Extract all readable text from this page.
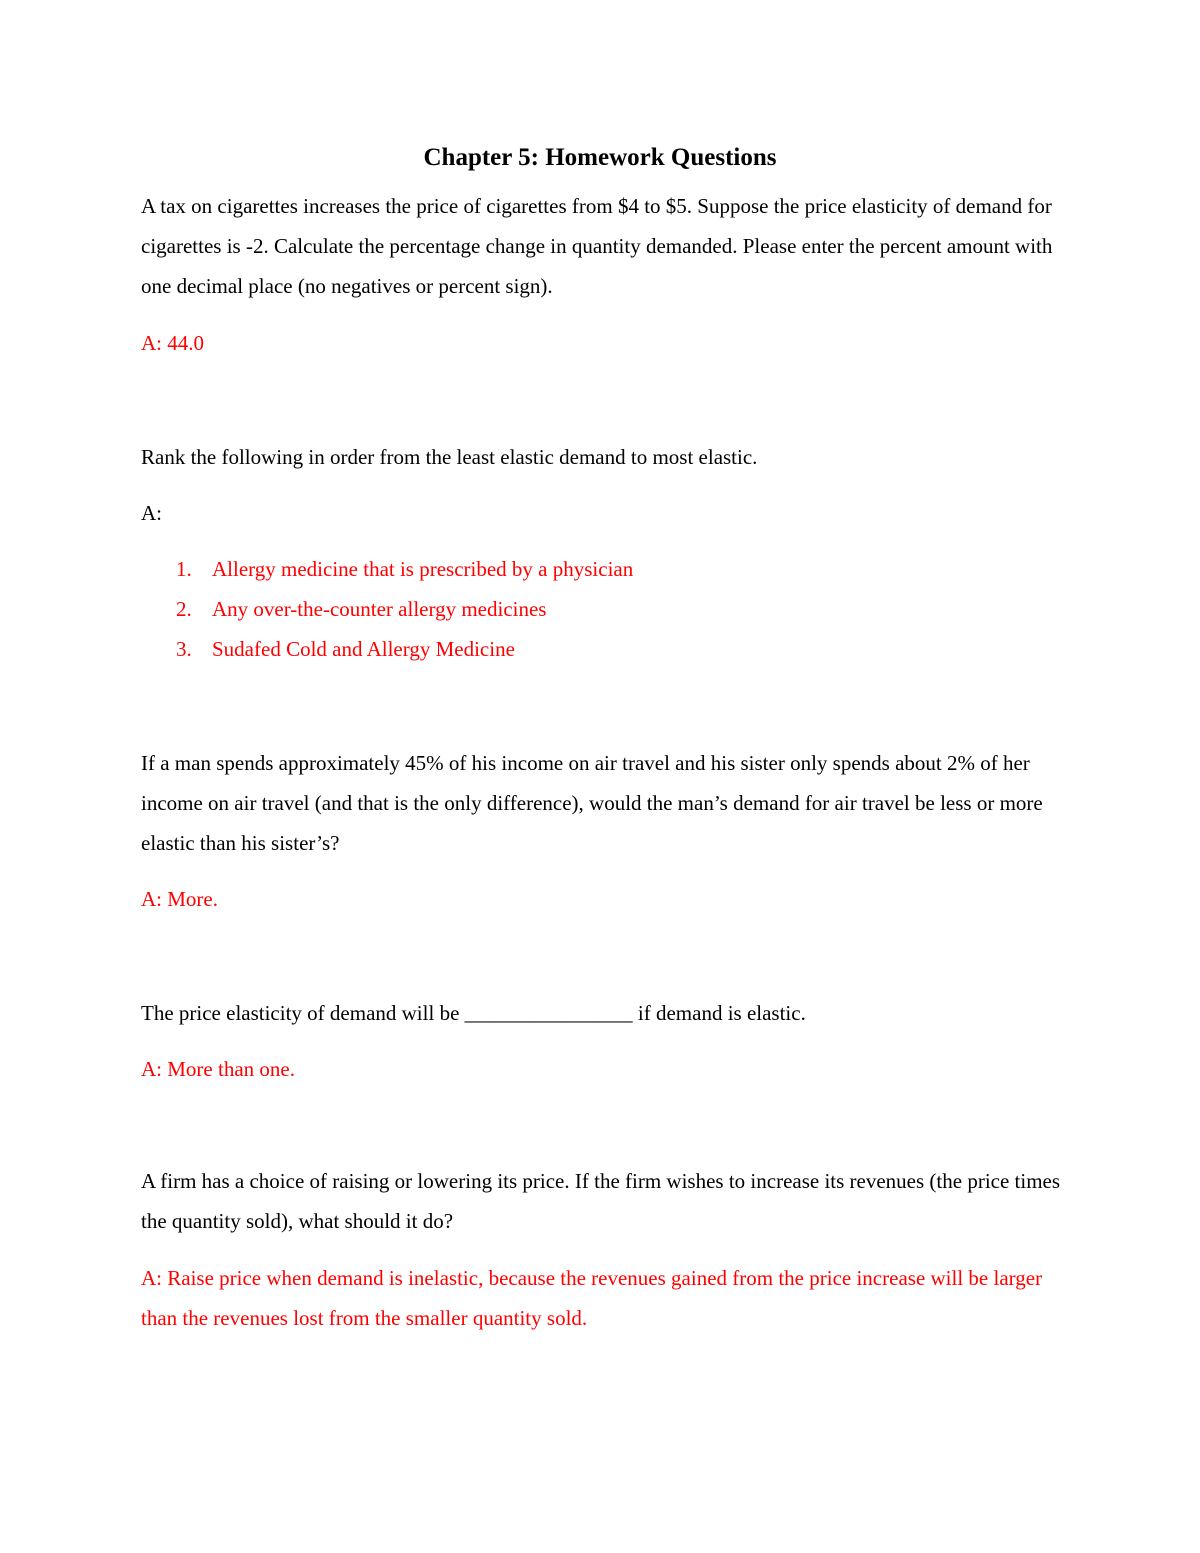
Chapter 5: Homework Questions

A tax on cigarettes increases the price of cigarettes from $4 to $5. Suppose the price elasticity of demand for cigarettes is -2. Calculate the percentage change in quantity demanded. Please enter the percent amount with one decimal place (no negatives or percent sign).

A: 44.0

Rank the following in order from the least elastic demand to most elastic.

A:

1. Allergy medicine that is prescribed by a physician
2. Any over-the-counter allergy medicines
3. Sudafed Cold and Allergy Medicine

If a man spends approximately 45% of his income on air travel and his sister only spends about 2% of her income on air travel (and that is the only difference), would the man’s demand for air travel be less or more elastic than his sister’s?

A: More.

The price elasticity of demand will be ________________ if demand is elastic.

A: More than one.

A firm has a choice of raising or lowering its price. If the firm wishes to increase its revenues (the price times the quantity sold), what should it do?

A: Raise price when demand is inelastic, because the revenues gained from the price increase will be larger than the revenues lost from the smaller quantity sold.
